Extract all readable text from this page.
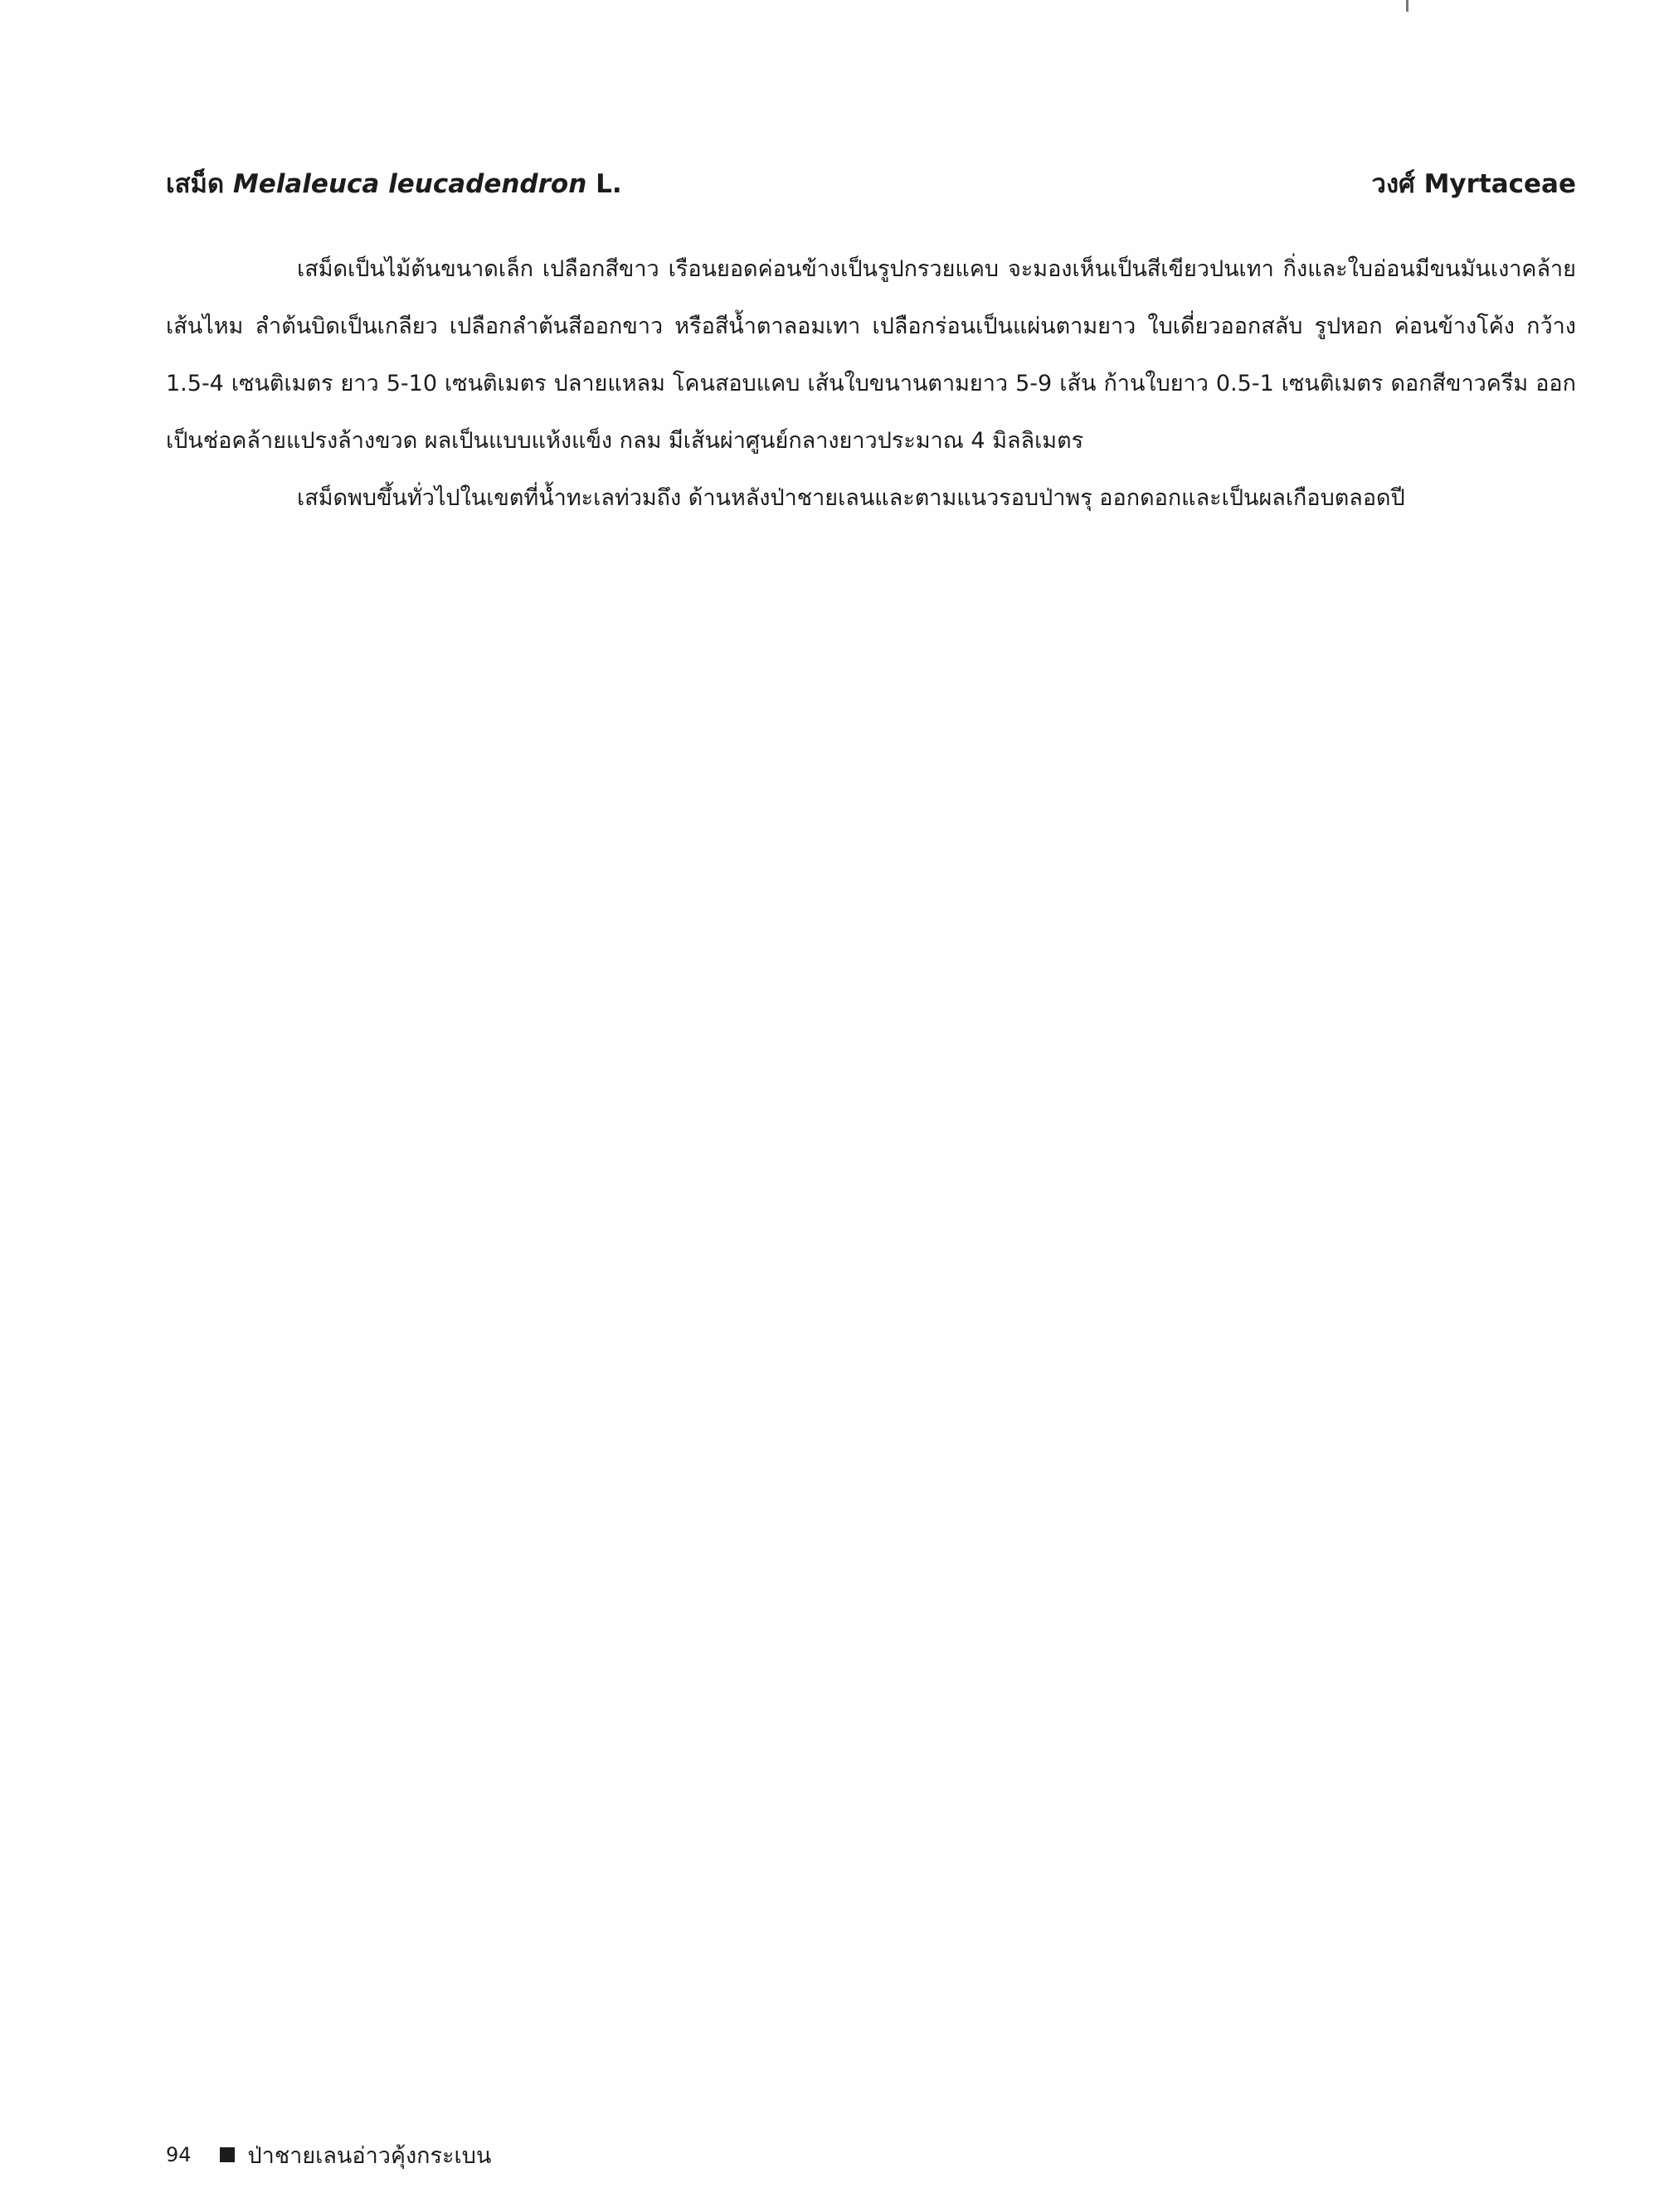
เสม็ด Melaleuca leucadendron L.	วงศ์ Myrtaceae

เสม็ดเป็นไม้ต้นขนาดเล็ก เปลือกสีขาว เรือนยอดค่อนข้างเป็นรูปกรวยแคบ จะมองเห็นเป็นสีเขียวปนเทา กิ่งและใบอ่อนมีขนมันเงาคล้ายเส้นไหม ลำต้นบิดเป็นเกลียว เปลือกลำต้นสีออกขาว หรือสีน้ำตาลอมเทา เปลือกร่อนเป็นแผ่นตามยาว ใบเดี่ยวออกสลับ รูปหอก ค่อนข้างโค้ง กว้าง 1.5-4 เซนติเมตร ยาว 5-10 เซนติเมตร ปลายแหลม โคนสอบแคบ เส้นใบขนานตามยาว 5-9 เส้น ก้านใบยาว 0.5-1 เซนติเมตร ดอกสีขาวครีม ออกเป็นช่อคล้ายแปรงล้างขวด ผลเป็นแบบแห้งแข็ง กลม มีเส้นผ่าศูนย์กลางยาวประมาณ 4 มิลลิเมตร

เสม็ดพบขึ้นทั่วไปในเขตที่น้ำทะเลท่วมถึง ด้านหลังป่าชายเลนและตามแนวรอบป่าพรุ ออกดอกและเป็นผลเกือบตลอดปี

94	ป่าชายเลนอ่าวคุ้งกระเบน
